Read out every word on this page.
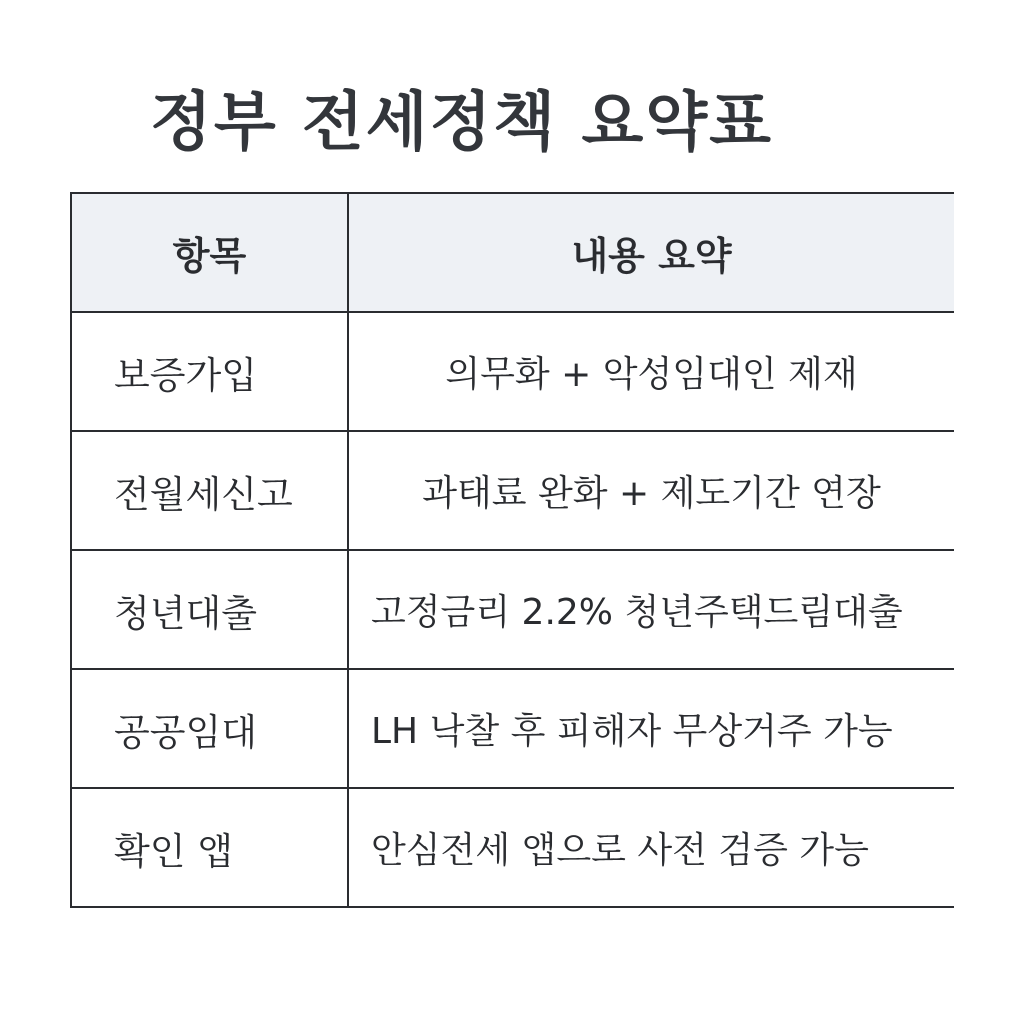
정부 전세정책 요약표
항목	내용 요약
보증가입	의무화 + 악성임대인 제재
전월세신고	과태료 완화 + 제도기간 연장
청년대출	고정금리 2.2% 청년주택드림대출
공공임대	LH 낙찰 후 피해자 무상거주 가능
확인 앱	안심전세 앱으로 사전 검증 가능
